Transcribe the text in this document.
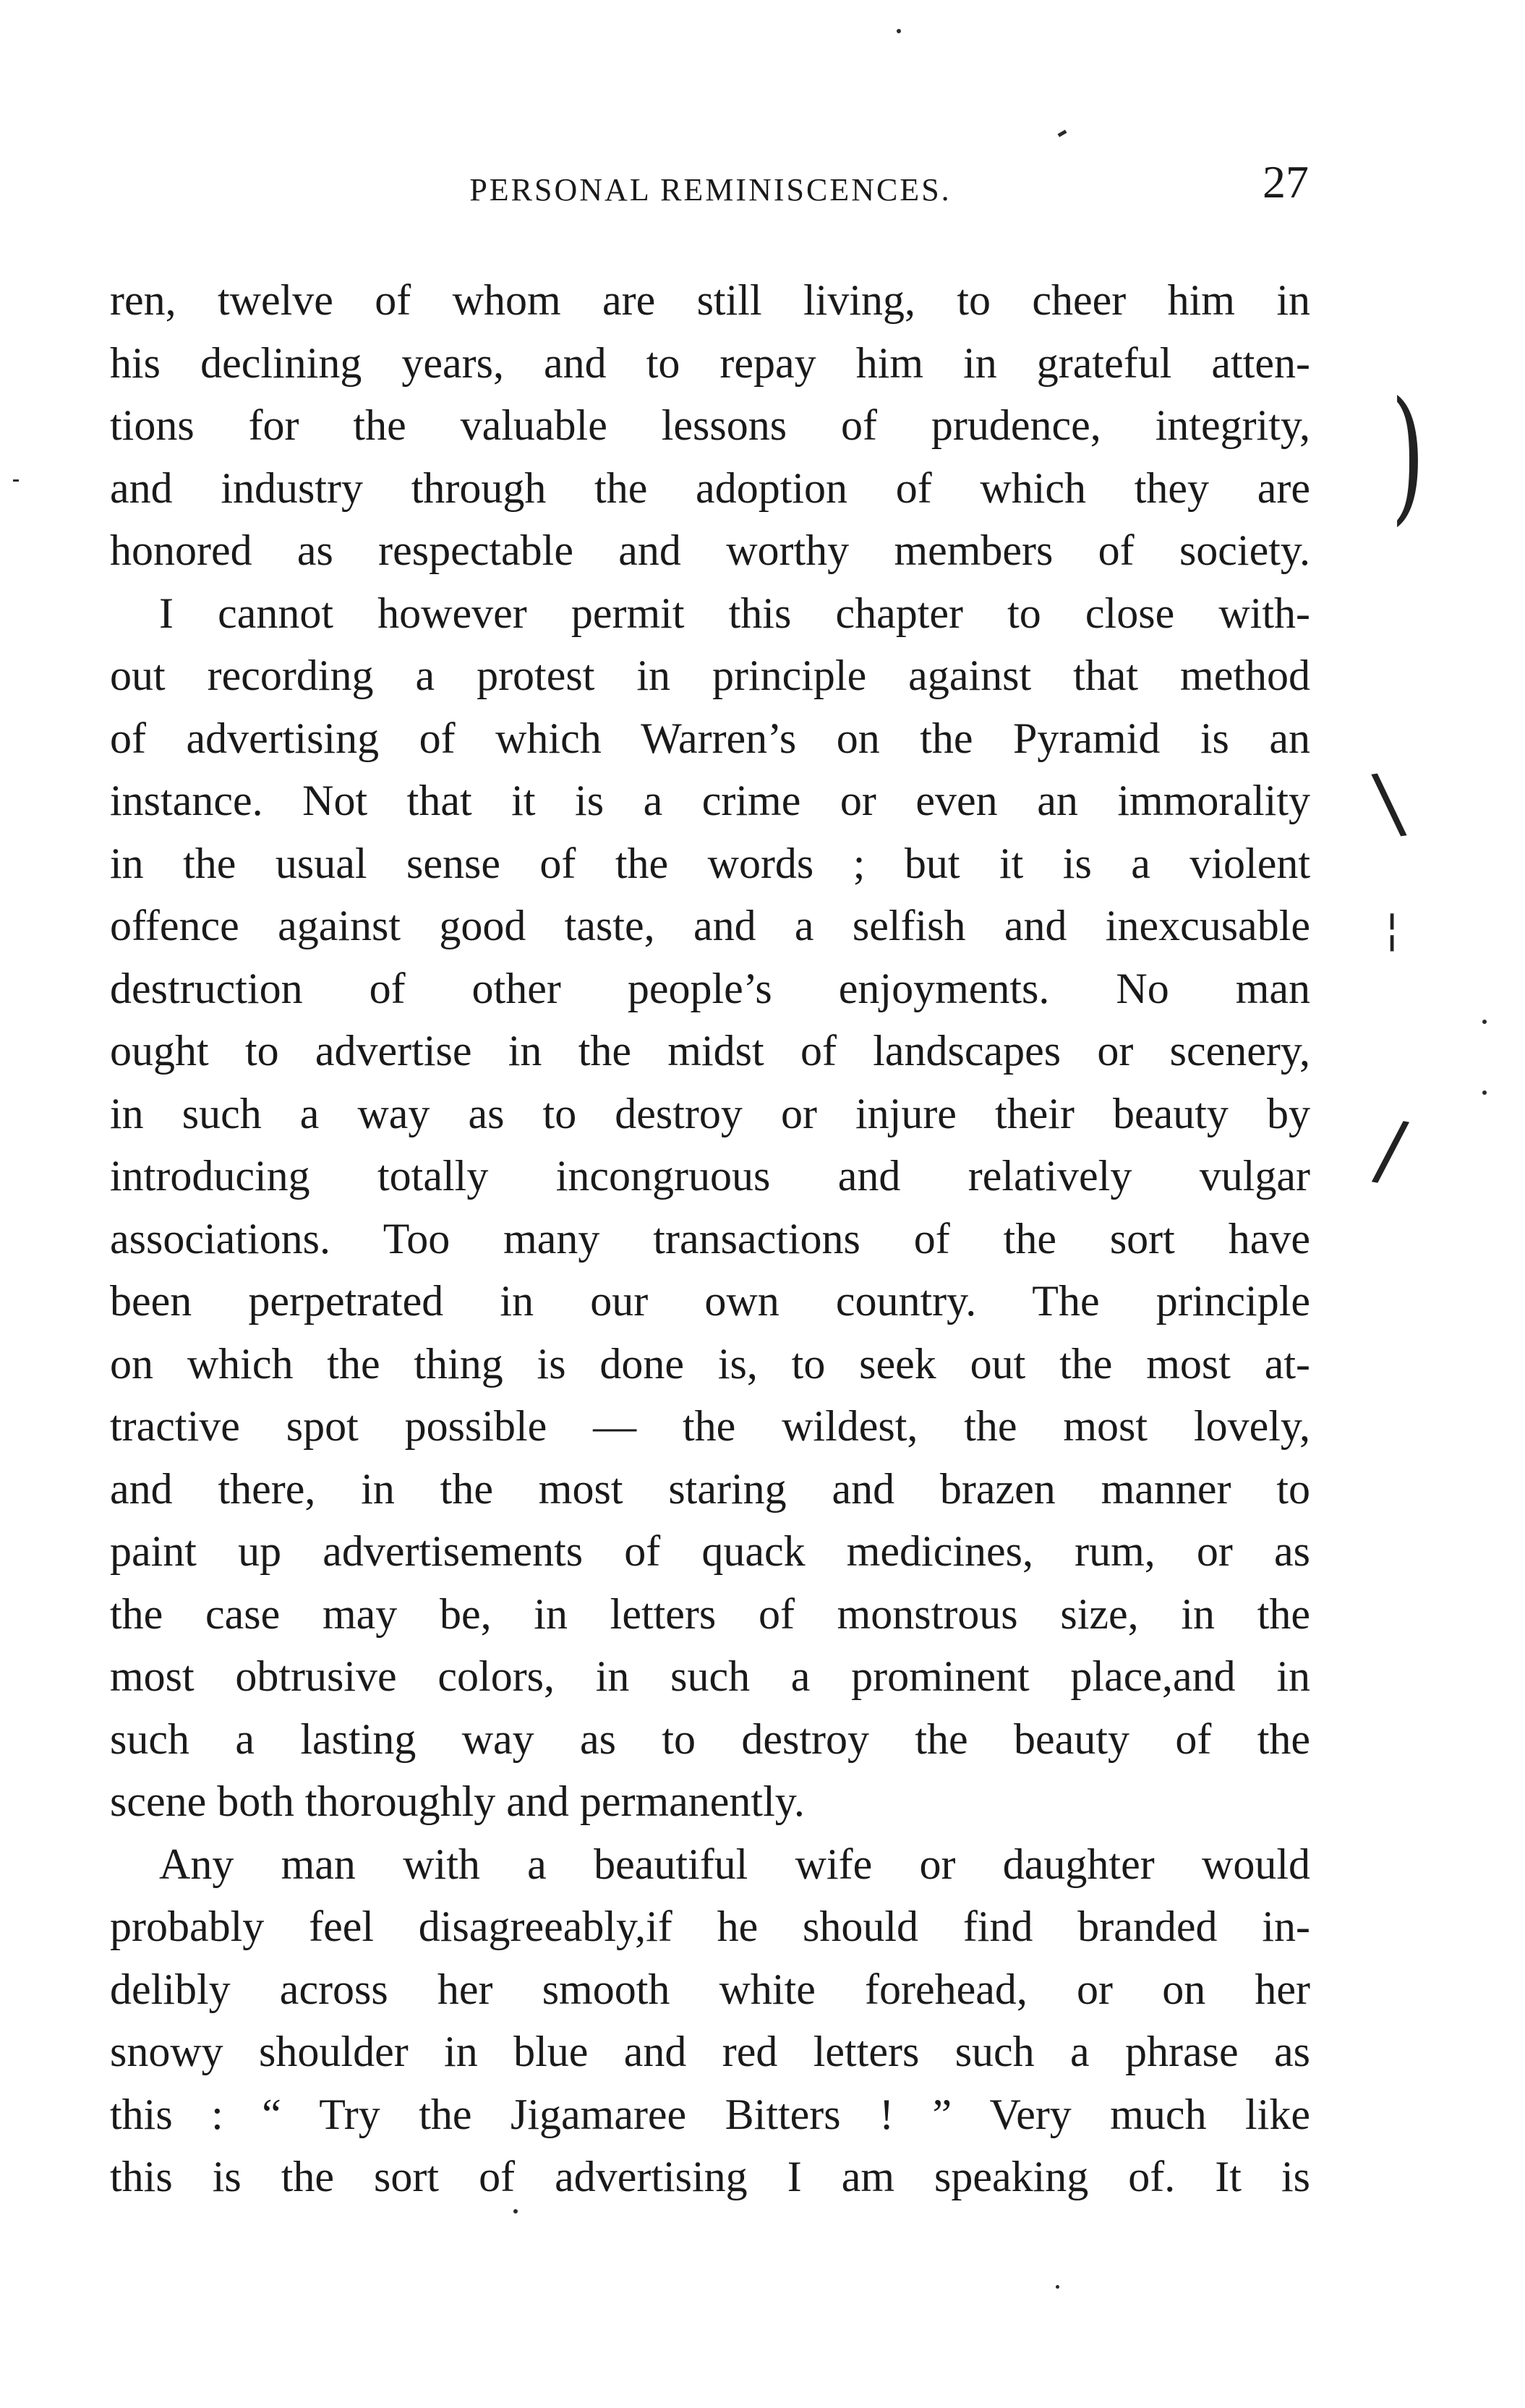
)
\
¦
/
PERSONAL REMINISCENCES.	27
ren, twelve of whom are still living, to cheer him in
his declining years, and to repay him in grateful atten-
tions for the valuable lessons of prudence, integrity,
and industry through the adoption of which they are
honored as respectable and worthy members of society.
I cannot however permit this chapter to close with-
out recording a protest in principle against that method
of advertising of which Warren’s on the Pyramid is an
instance. Not that it is a crime or even an immorality
in the usual sense of the words ; but it is a violent
offence against good taste, and a selfish and inexcusable
destruction of other people’s enjoyments. No man
ought to advertise in the midst of landscapes or scenery,
in such a way as to destroy or injure their beauty by
introducing totally incongruous and relatively vulgar
associations. Too many transactions of the sort have
been perpetrated in our own country. The principle
on which the thing is done is, to seek out the most at-
tractive spot possible — the wildest, the most lovely,
and there, in the most staring and brazen manner to
paint up advertisements of quack medicines, rum, or as
the case may be, in letters of monstrous size, in the
most obtrusive colors, in such a prominent place,and in
such a lasting way as to destroy the beauty of the
scene both thoroughly and permanently.
Any man with a beautiful wife or daughter would
probably feel disagreeably,if he should find branded in-
delibly across her smooth white forehead, or on her
snowy shoulder in blue and red letters such a phrase as
this : “ Try the Jigamaree Bitters ! ” Very much like
this is the sort of advertising I am speaking of. It is
